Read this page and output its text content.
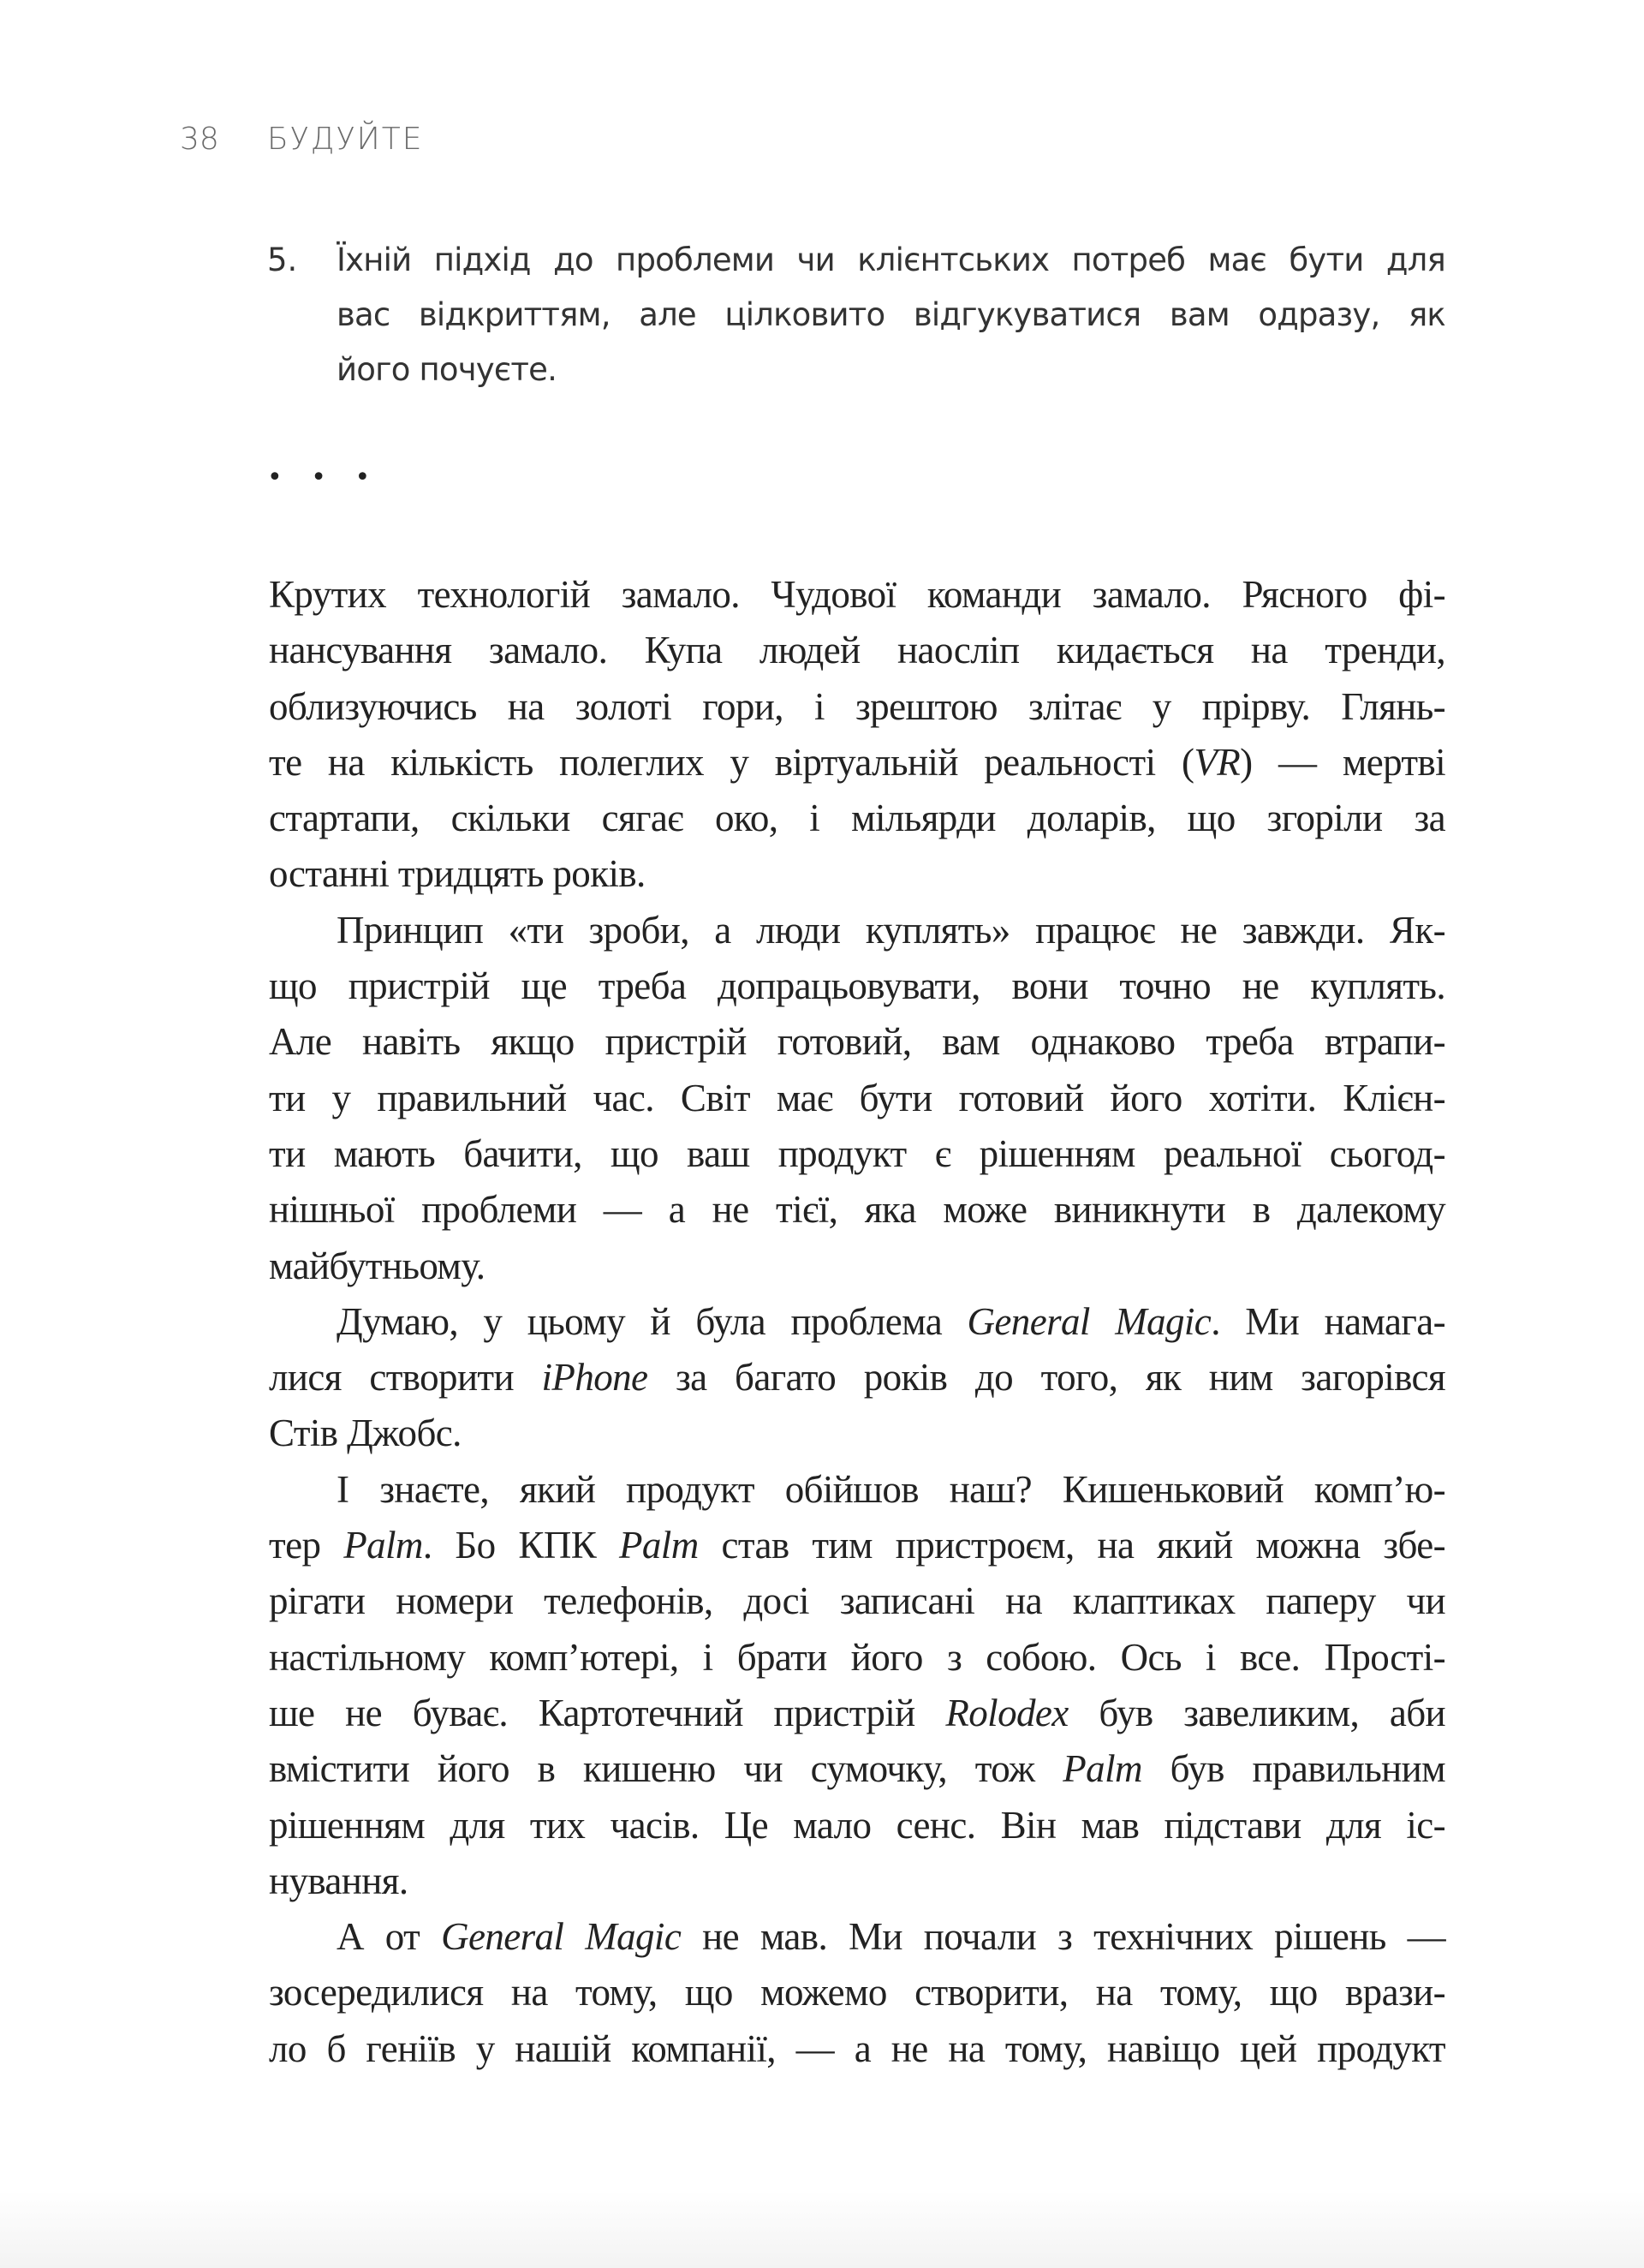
38 БУДУЙТЕ
5. Їхній підхід до проблеми чи клієнтських потреб має бути для
вас відкриттям, але цілковито відгукуватися вам одразу, як
його почуєте.
• • •
Крутих технологій замало. Чудової команди замало. Рясного фі-
нансування замало. Купа людей наосліп кидається на тренди,
облизуючись на золоті гори, і зрештою злітає у прірву. Глянь-
те на кількість полеглих у віртуальній реальності (VR) — мертві
стартапи, скільки сягає око, і мільярди доларів, що згоріли за
останні тридцять років.
Принцип «ти зроби, а люди куплять» працює не завжди. Як-
що пристрій ще треба допрацьовувати, вони точно не куплять.
Але навіть якщо пристрій готовий, вам однаково треба втрапи-
ти у правильний час. Світ має бути готовий його хотіти. Клієн-
ти мають бачити, що ваш продукт є рішенням реальної сьогод-
нішньої проблеми — а не тієї, яка може виникнути в далекому
майбутньому.
Думаю, у цьому й була проблема General Magic. Ми намага-
лися створити iPhone за багато років до того, як ним загорівся
Стів Джобс.
І знаєте, який продукт обійшов наш? Кишеньковий комп’ю-
тер Palm. Бо КПК Palm став тим пристроєм, на який можна збе-
рігати номери телефонів, досі записані на клаптиках паперу чи
настільному комп’ютері, і брати його з собою. Ось і все. Прості-
ше не буває. Картотечний пристрій Rolodex був завеликим, аби
вмістити його в кишеню чи сумочку, тож Palm був правильним
рішенням для тих часів. Це мало сенс. Він мав підстави для іс-
нування.
А от General Magic не мав. Ми почали з технічних рішень —
зосередилися на тому, що можемо створити, на тому, що врази-
ло б геніїв у нашій компанії, — а не на тому, навіщо цей продукт
